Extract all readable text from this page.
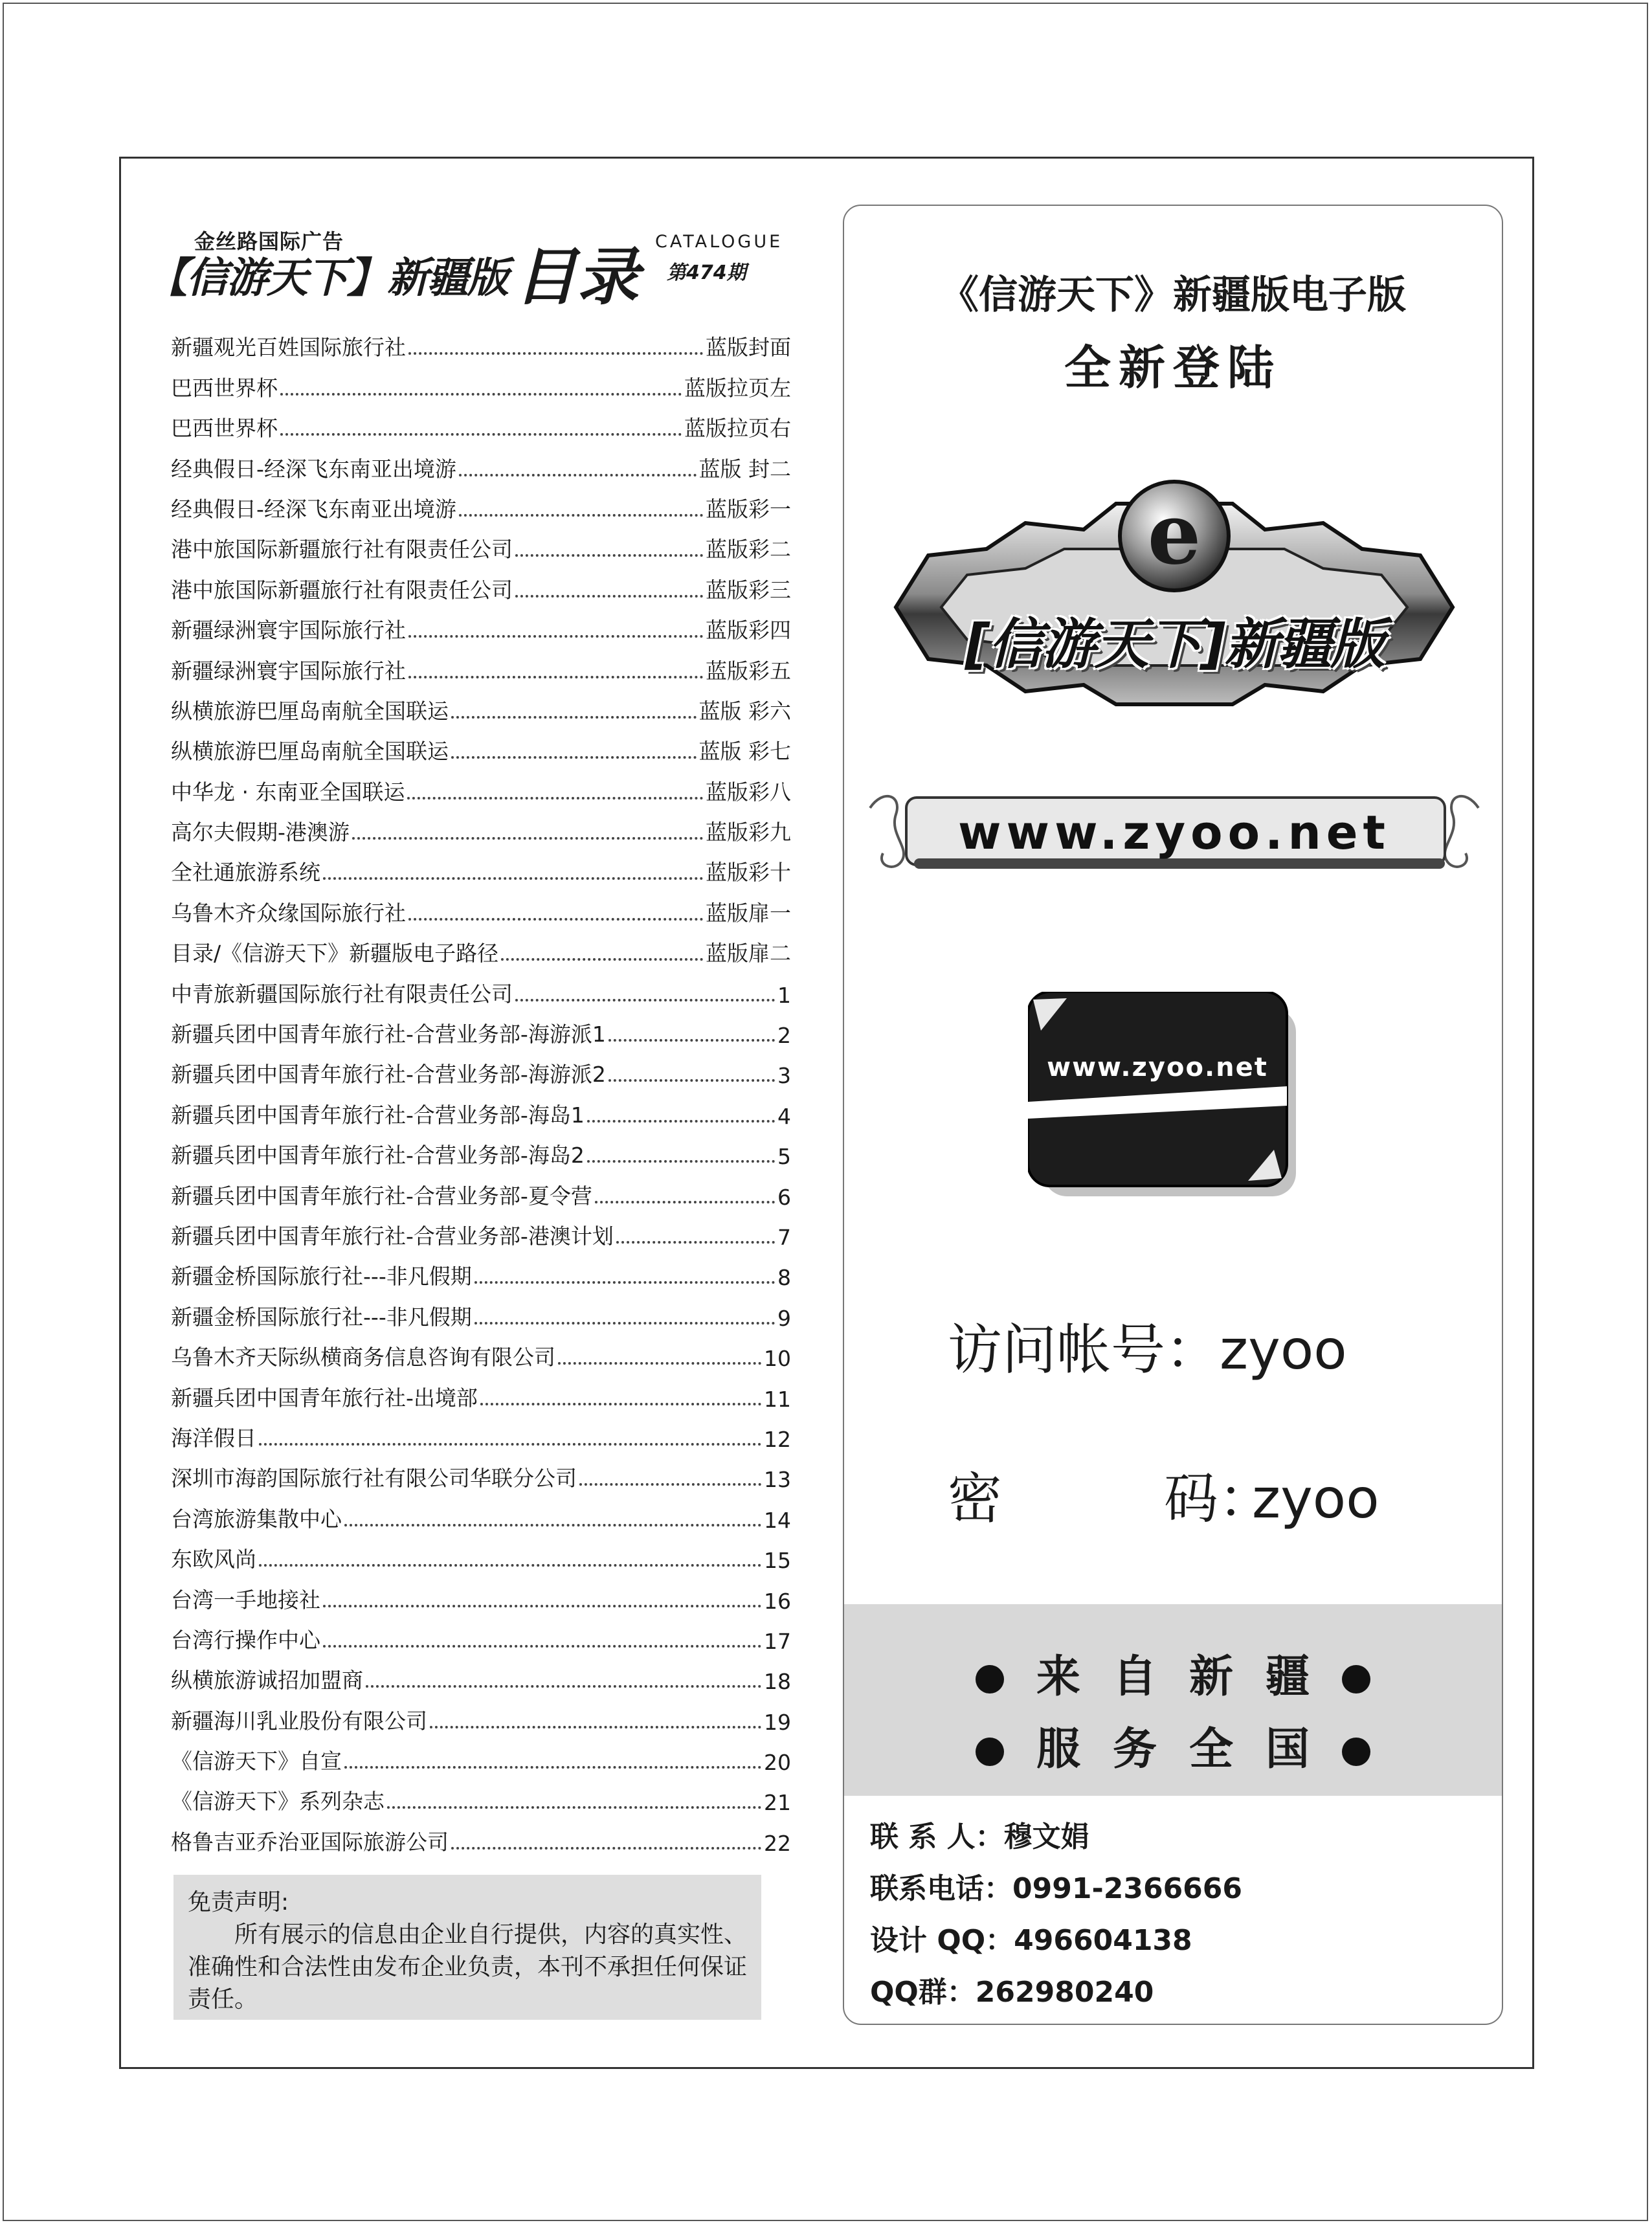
金丝路国际广告
【信游天下】新疆版 目录 CATALOGUE
第474期
新疆观光百姓国际旅行社	蓝版封面
巴西世界杯	蓝版拉页左
巴西世界杯	蓝版拉页右
经典假日-经深飞东南亚出境游	蓝版 封二
经典假日-经深飞东南亚出境游	蓝版彩一
港中旅国际新疆旅行社有限责任公司	蓝版彩二
港中旅国际新疆旅行社有限责任公司	蓝版彩三
新疆绿洲寰宇国际旅行社	蓝版彩四
新疆绿洲寰宇国际旅行社	蓝版彩五
纵横旅游巴厘岛南航全国联运	蓝版 彩六
纵横旅游巴厘岛南航全国联运	蓝版 彩七
中华龙 · 东南亚全国联运	蓝版彩八
高尔夫假期-港澳游	蓝版彩九
全社通旅游系统	蓝版彩十
乌鲁木齐众缘国际旅行社	蓝版扉一
目录/《信游天下》新疆版电子路径	蓝版扉二
中青旅新疆国际旅行社有限责任公司	1
新疆兵团中国青年旅行社-合营业务部-海游派1	2
新疆兵团中国青年旅行社-合营业务部-海游派2	3
新疆兵团中国青年旅行社-合营业务部-海岛1	4
新疆兵团中国青年旅行社-合营业务部-海岛2	5
新疆兵团中国青年旅行社-合营业务部-夏令营	6
新疆兵团中国青年旅行社-合营业务部-港澳计划	7
新疆金桥国际旅行社---非凡假期	8
新疆金桥国际旅行社---非凡假期	9
乌鲁木齐天际纵横商务信息咨询有限公司	10
新疆兵团中国青年旅行社-出境部	11
海洋假日	12
深圳市海韵国际旅行社有限公司华联分公司	13
台湾旅游集散中心	14
东欧风尚	15
台湾一手地接社	16
台湾行操作中心	17
纵横旅游诚招加盟商	18
新疆海川乳业股份有限公司	19
《信游天下》自宣	20
《信游天下》系列杂志	21
格鲁吉亚乔治亚国际旅游公司	22
免责声明:
所有展示的信息由企业自行提供，内容的真实性、准确性和合法性由发布企业负责，本刊不承担任何保证责任。
《信游天下》新疆版电子版
全新登陆
e
[信游天下]新疆版
www.zyoo.net
www.zyoo.net
访问帐号：zyoo
密	码：zyoo
来自新疆
服务全国
联 系 人：穆文娟
联系电话：0991-2366666
设计 QQ：496604138
QQ群：262980240
